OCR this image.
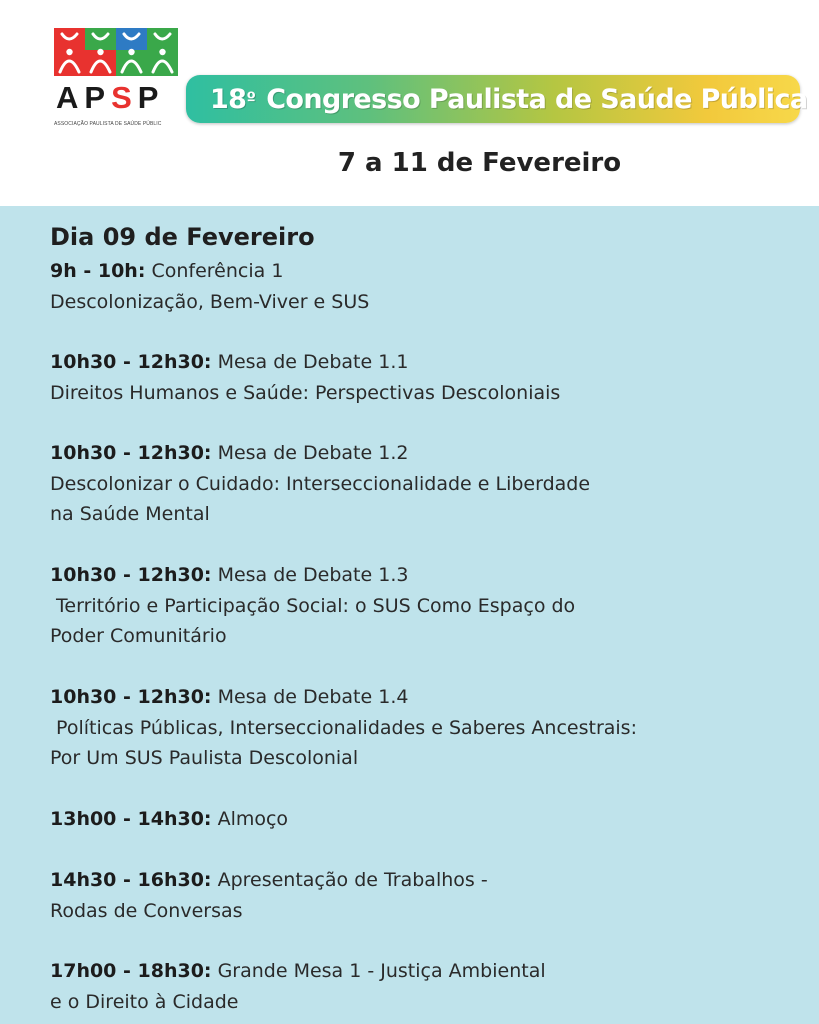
APSP
ASSOCIAÇÃO PAULISTA DE SAÚDE PÚBLIC
18º Congresso Paulista de Saúde Pública
7 a 11 de Fevereiro
Dia 09 de Fevereiro
9h - 10h: Conferência 1
Descolonização, Bem-Viver e SUS
10h30 - 12h30: Mesa de Debate 1.1
Direitos Humanos e Saúde: Perspectivas Descoloniais
10h30 - 12h30: Mesa de Debate 1.2
Descolonizar o Cuidado: Interseccionalidade e Liberdade
na Saúde Mental
10h30 - 12h30: Mesa de Debate 1.3
Território e Participação Social: o SUS Como Espaço do
Poder Comunitário
10h30 - 12h30: Mesa de Debate 1.4
Políticas Públicas, Interseccionalidades e Saberes Ancestrais:
Por Um SUS Paulista Descolonial
13h00 - 14h30: Almoço
14h30 - 16h30: Apresentação de Trabalhos -
Rodas de Conversas
17h00 - 18h30: Grande Mesa 1 - Justiça Ambiental
e o Direito à Cidade
